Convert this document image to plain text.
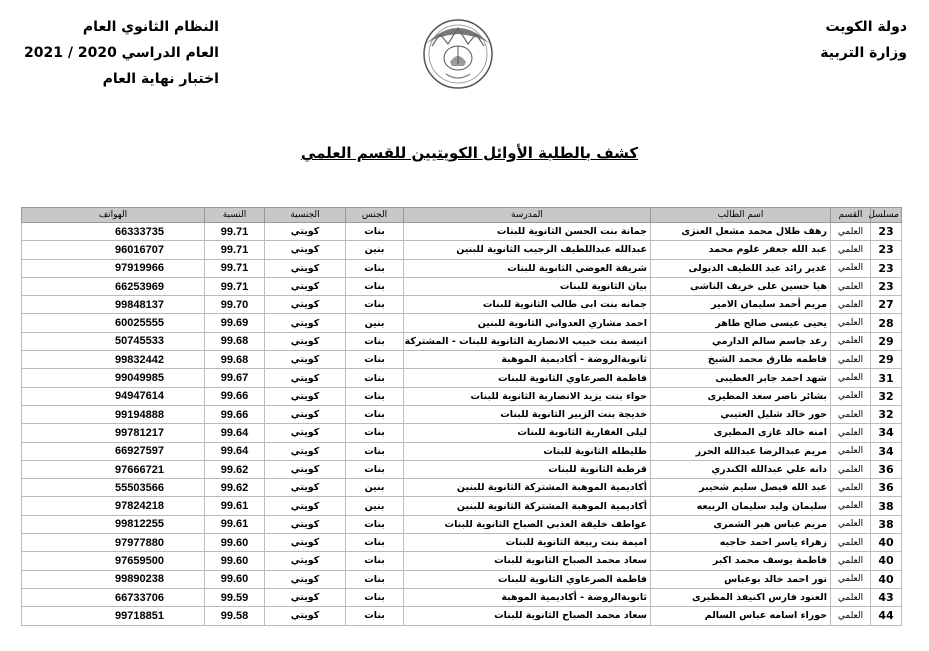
دولة الكويت
وزارة التربية
النظام الثانوي العام
العام الدراسي 2020 / 2021
اختبار نهاية العام
كشف بالطلبة الأوائل الكويتيين للقسم العلمي
مسلسل	القسم	اسم الطالب	المدرسة	الجنس	الجنسية	النسبة	الهواتف
23	العلمي	رهف طلال محمد مشعل العنزى	جمانة بنت الحسن الثانوية للبنات	بنات	كويتي	99.71	66333735
23	العلمي	عبد الله جعفر غلوم محمد	عبدالله عبداللطيف الرجيب الثانوية للبنين	بنين	كويتي	99.71	96016707
23	العلمي	غدير رائد عبد اللطيف الديولى	شريفة العوضي الثانوية للبنات	بنات	كويتي	99.71	97919966
23	العلمي	هيا حسين على خريف الناشى	بيان الثانوية للبنات	بنات	كويتي	99.71	66253969
27	العلمي	مريم أحمد سليمان الامير	جمانه بنت ابى طالب الثانوية للبنات	بنات	كويتي	99.70	99848137
28	العلمي	يحيى عيسى صالح طاهر	احمد مشاري العدواني الثانوية للبنين	بنين	كويتي	99.69	60025555
29	العلمي	رغد جاسم سالم الدارمي	انيسة بنت خبيب الانصارية الثانوية للبنات - المشتركة	بنات	كويتي	99.68	50745533
29	العلمي	فاطمه طارق محمد الشيخ	ثانويةالروضة - أكاديمية الموهبة	بنات	كويتي	99.68	99832442
31	العلمي	شهد احمد جابر العطيبى	فاطمة الصرعاوي الثانوية للبنات	بنات	كويتي	99.67	99049985
32	العلمي	بشائر ناصر سعد المطيرى	حواء بنت يزيد الانصارية الثانوية للبنات	بنات	كويتي	99.66	94947614
32	العلمي	حور خالد شليل العتيبي	خديجة بنت الزبير الثانوية للبنات	بنات	كويتي	99.66	99194888
34	العلمي	امنه خالد غازى المطيرى	ليلى الغفارية الثانوية للبنات	بنات	كويتي	99.64	99781217
34	العلمي	مريم عبدالرضا عبدالله الحرز	طليطله الثانوية للبنات	بنات	كويتي	99.64	66927597
36	العلمي	دانه علي عبدالله الكندري	قرطبة الثانوية للبنات	بنات	كويتي	99.62	97666721
36	العلمي	عبد الله فيصل سليم شحيبر	أكاديمية الموهبة المشتركة الثانوية للبنين	بنين	كويتي	99.62	55503566
38	العلمي	سليمان وليد سليمان الربيعه	أكاديمية الموهبة المشتركة الثانوية للبنين	بنين	كويتي	99.61	97824218
38	العلمي	مريم عباس هبر الشمرى	عواطف خليفة العذبي الصباح الثانوية للبنات	بنات	كويتي	99.61	99812255
40	العلمي	زهراء ياسر احمد حاجيه	اميمة بنت ربيعة الثانوية للبنات	بنات	كويتي	99.60	97977880
40	العلمي	فاطمة يوسف محمد اكبر	سعاد محمد الصباح الثانوية للبنات	بنات	كويتي	99.60	97659500
40	العلمي	نور احمد خالد بوعباس	فاطمة الصرعاوي الثانوية للبنات	بنات	كويتي	99.60	99890238
43	العلمي	العنود فارس اكنيفذ المطيرى	ثانويةالروضة - أكاديمية الموهبة	بنات	كويتي	99.59	66733706
44	العلمي	حوراء اسامه عباس السالم	سعاد محمد الصباح الثانوية للبنات	بنات	كويتي	99.58	99718851
